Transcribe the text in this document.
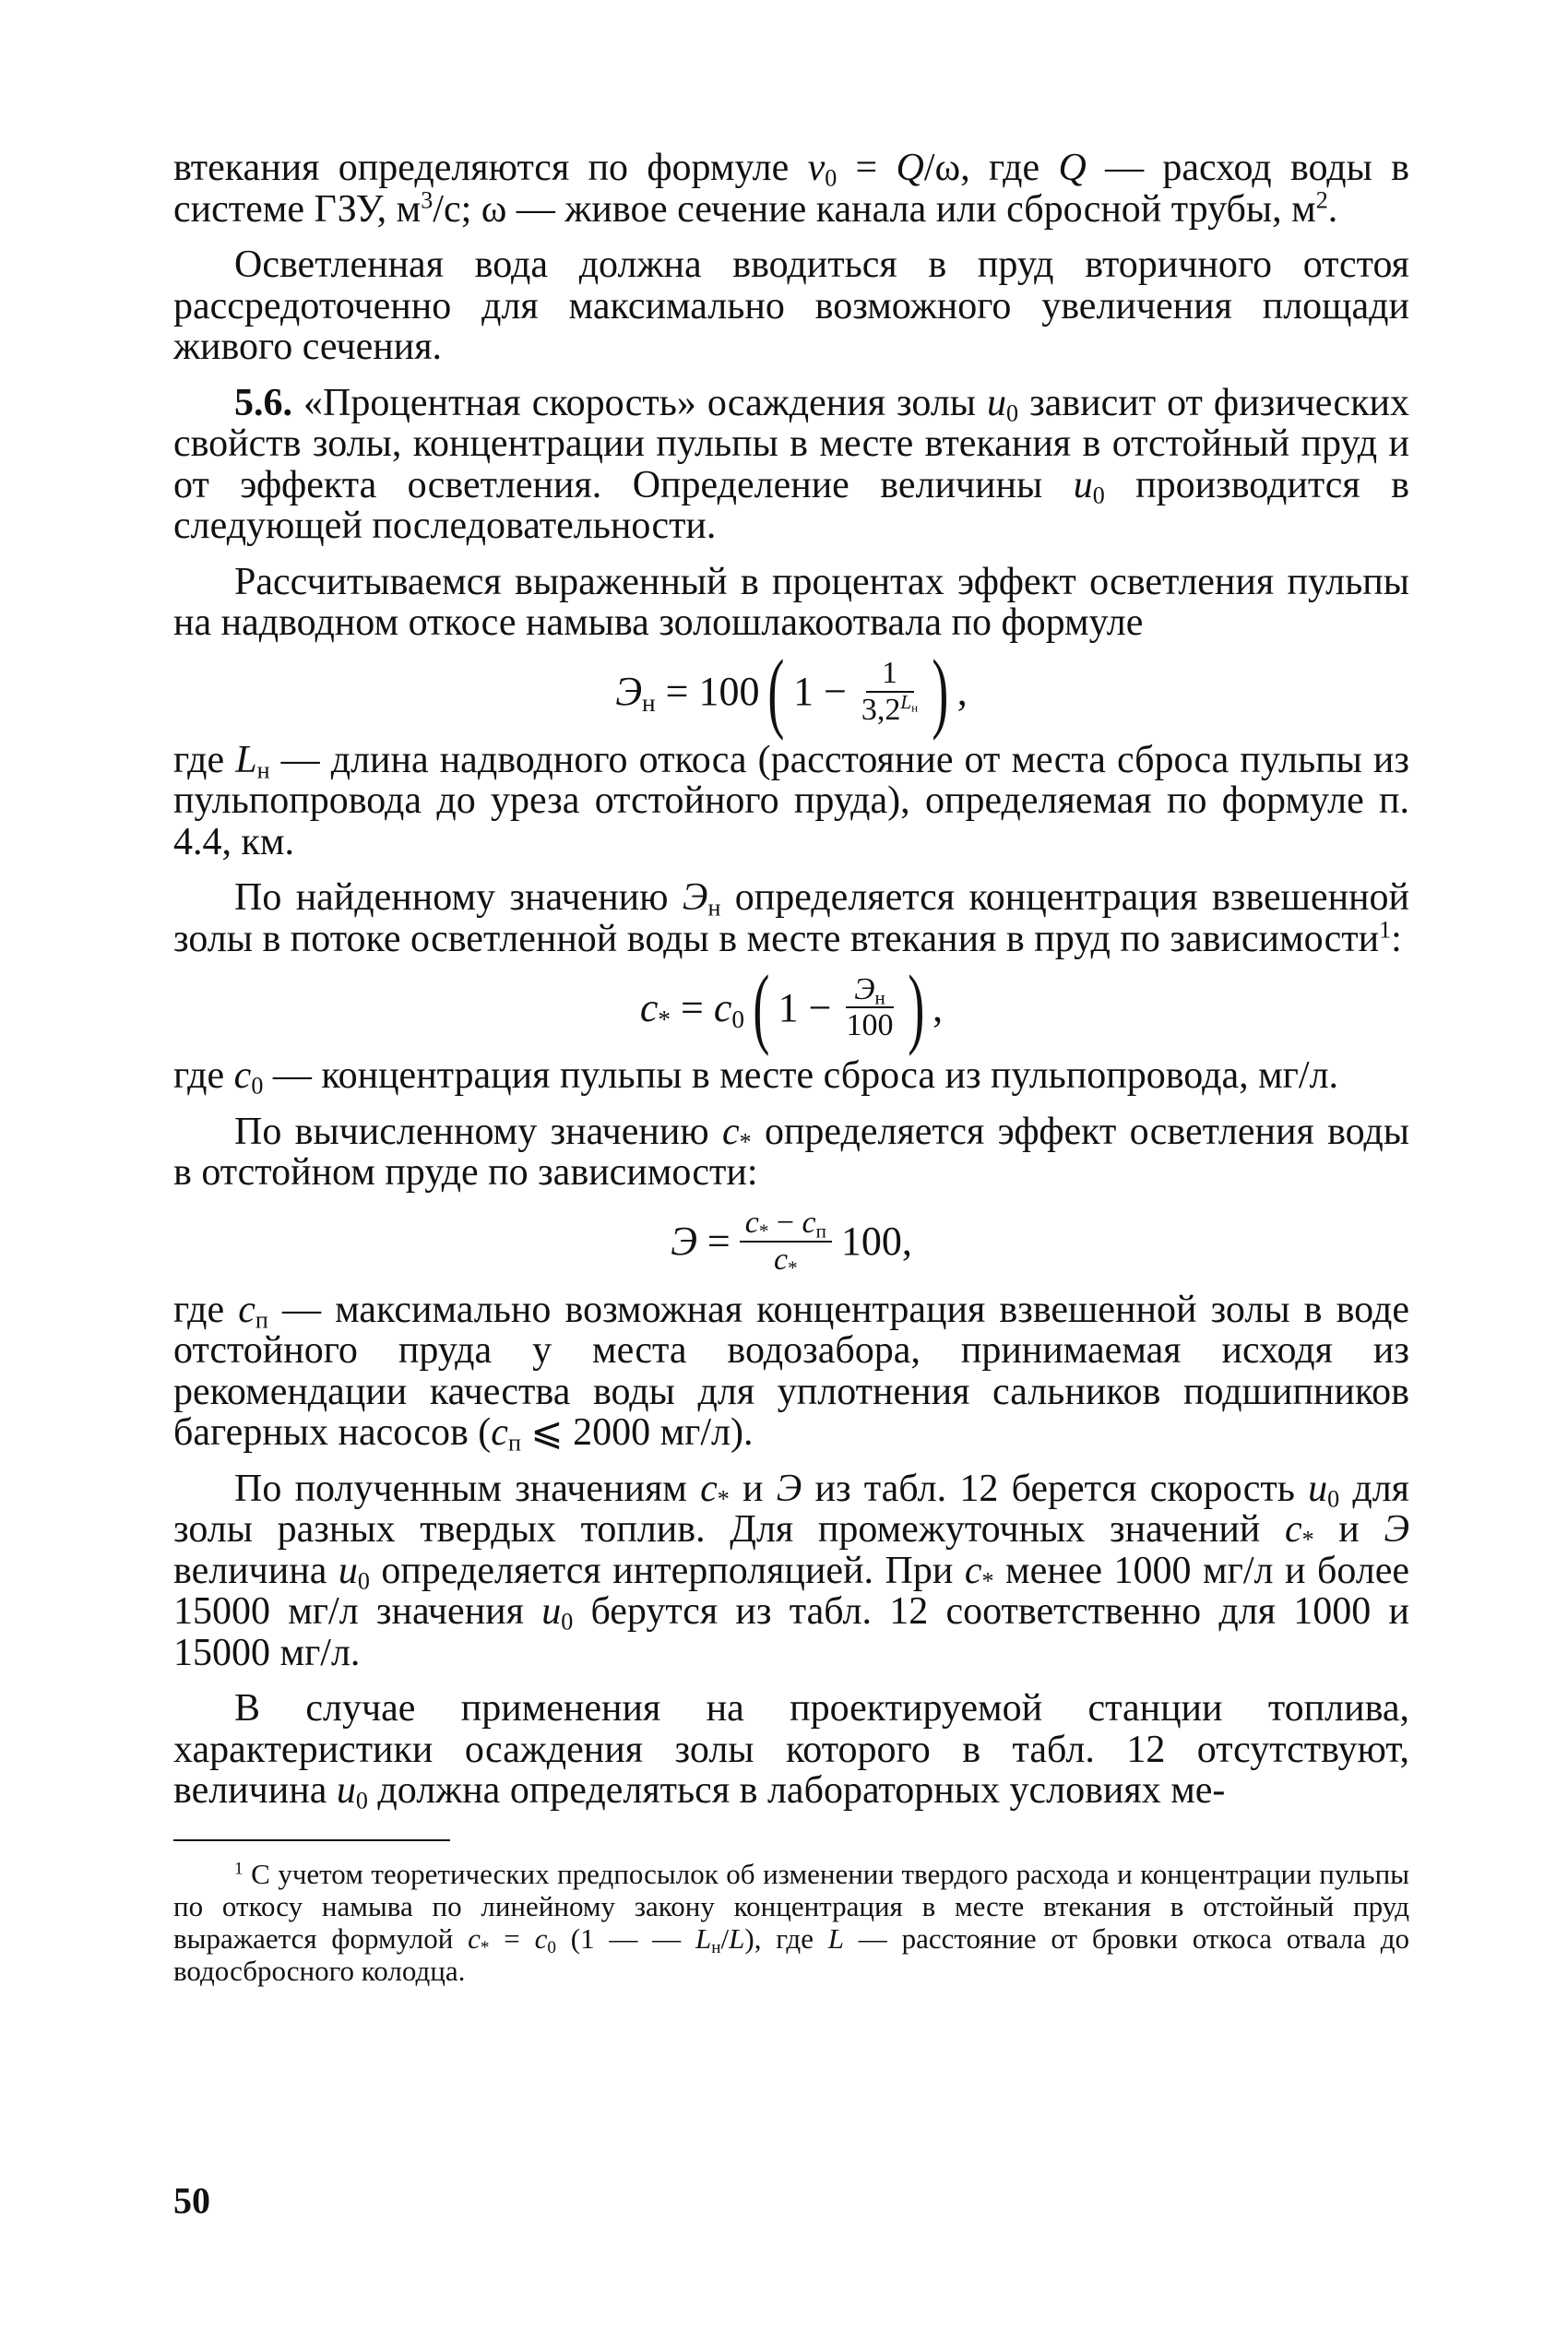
втекания определяются по формуле $v_0 = Q/\omega$, где Q — расход воды в системе ГЗУ, $м^3/с$; ω — живое сечение канала или сбросной трубы, $м^2$.

Осветленная вода должна вводиться в пруд вторичного отстоя рассредоточенно для максимально возможного увеличения площади живого сечения.

5.6. «Процентная скорость» осаждения золы $u_0$ зависит от физических свойств золы, концентрации пульпы в месте втекания в отстойный пруд и от эффекта осветления. Определение величины $u_0$ производится в следующей последовательности.

Рассчитываемся выраженный в процентах эффект осветления пульпы на надводном откосе намыва золошлакоотвала по формуле

$Э_н = 100$ ( $1 - \frac{1}{3,2^{L_н}}$ ) ,

где $L_н$ — длина надводного откоса (расстояние от места сброса пульпы из пульпопровода до уреза отстойного пруда), определяемая по формуле п. 4.4, км.

По найденному значению $Э_н$ определяется концентрация взвешенной золы в потоке осветленной воды в месте втекания в пруд по зависимости$^1$:

$c_* = c_0$ ( $1 - \frac{Э_н}{100}$ ) ,

где $c_0$ — концентрация пульпы в месте сброса из пульпопровода, мг/л.

По вычисленному значению $c_*$ определяется эффект осветления воды в отстойном пруде по зависимости:

$Э = \frac{c_* - c_п}{c_*} 100$,

где $c_п$ — максимально возможная концентрация взвешенной золы в воде отстойного пруда у места водозабора, принимаемая исходя из рекомендации качества воды для уплотнения сальников подшипников багерных насосов ($c_п$ ⩽ 2000 мг/л).

По полученным значениям $c_*$ и Э из табл. 12 берется скорость $u_0$ для золы разных твердых топлив. Для промежуточных значений $c_*$ и Э величина $u_0$ определяется интерполяцией. При $c_*$ менее 1000 мг/л и более 15000 мг/л значения $u_0$ берутся из табл. 12 соответственно для 1000 и 15000 мг/л.

В случае применения на проектируемой станции топлива, характеристики осаждения золы которого в табл. 12 отсутствуют, величина $u_0$ должна определяться в лабораторных условиях ме-

$^1$ С учетом теоретических предпосылок об изменении твердого расхода и концентрации пульпы по откосу намыва по линейному закону концентрация в месте втекания в отстойный пруд выражается формулой $c_* = c_0$ (1 — — $L_н/L$), где L — расстояние от бровки откоса отвала до водосбросного колодца.

50
